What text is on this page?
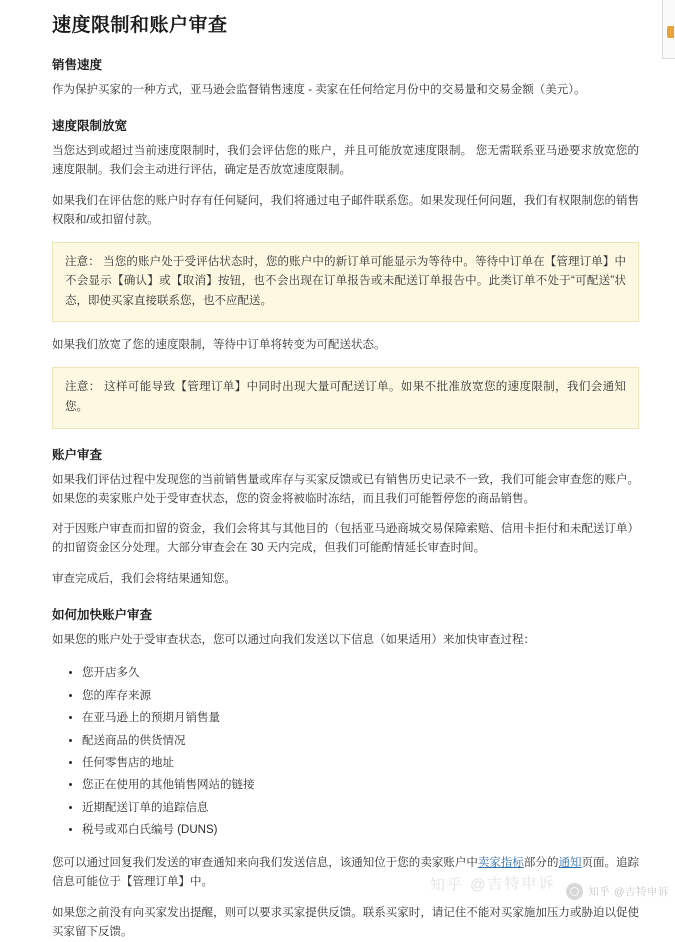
速度限制和账户审查
销售速度

作为保护买家的一种方式，亚马逊会监督销售速度 - 卖家在任何给定月份中的交易量和交易金额（美元）。

速度限制放宽

当您达到或超过当前速度限制时，我们会评估您的账户，并且可能放宽速度限制。 您无需联系亚马逊要求放宽您的速度限制。我们会主动进行评估，确定是否放宽速度限制。

如果我们在评估您的账户时存有任何疑问，我们将通过电子邮件联系您。如果发现任何问题，我们有权限制您的销售权限和/或扣留付款。

注意： 当您的账户处于受评估状态时，您的账户中的新订单可能显示为等待中。等待中订单在【管理订单】中不会显示【确认】或【取消】按钮，也不会出现在订单报告或未配送订单报告中。此类订单不处于“可配送”状态，即使买家直接联系您，也不应配送。

如果我们放宽了您的速度限制，等待中订单将转变为可配送状态。

注意： 这样可能导致【管理订单】中同时出现大量可配送订单。如果不批准放宽您的速度限制，我们会通知您。
账户审查

如果我们评估过程中发现您的当前销售量或库存与买家反馈或已有销售历史记录不一致，我们可能会审查您的账户。如果您的卖家账户处于受审查状态，您的资金将被临时冻结，而且我们可能暂停您的商品销售。

对于因账户审查而扣留的资金，我们会将其与其他目的（包括亚马逊商城交易保障索赔、信用卡拒付和未配送订单）的扣留资金区分处理。大部分审查会在 30 天内完成，但我们可能酌情延长审查时间。

审查完成后，我们会将结果通知您。

如何加快账户审查

如果您的账户处于受审查状态，您可以通过向我们发送以下信息（如果适用）来加快审查过程：

• 您开店多久
• 您的库存来源
• 在亚马逊上的预期月销售量
• 配送商品的供货情况
• 任何零售店的地址
• 您正在使用的其他销售网站的链接
• 近期配送订单的追踪信息
• 税号或邓白氏编号 (DUNS)

您可以通过回复我们发送的审查通知来向我们发送信息，该通知位于您的卖家账户中卖家指标部分的通知页面。追踪信息可能位于【管理订单】中。

如果您之前没有向买家发出提醒，则可以要求买家提供反馈。联系买家时，请记住不能对买家施加压力或胁迫以促使买家留下反馈。

知乎 @吉特申诉	知乎 @吉特申诉
